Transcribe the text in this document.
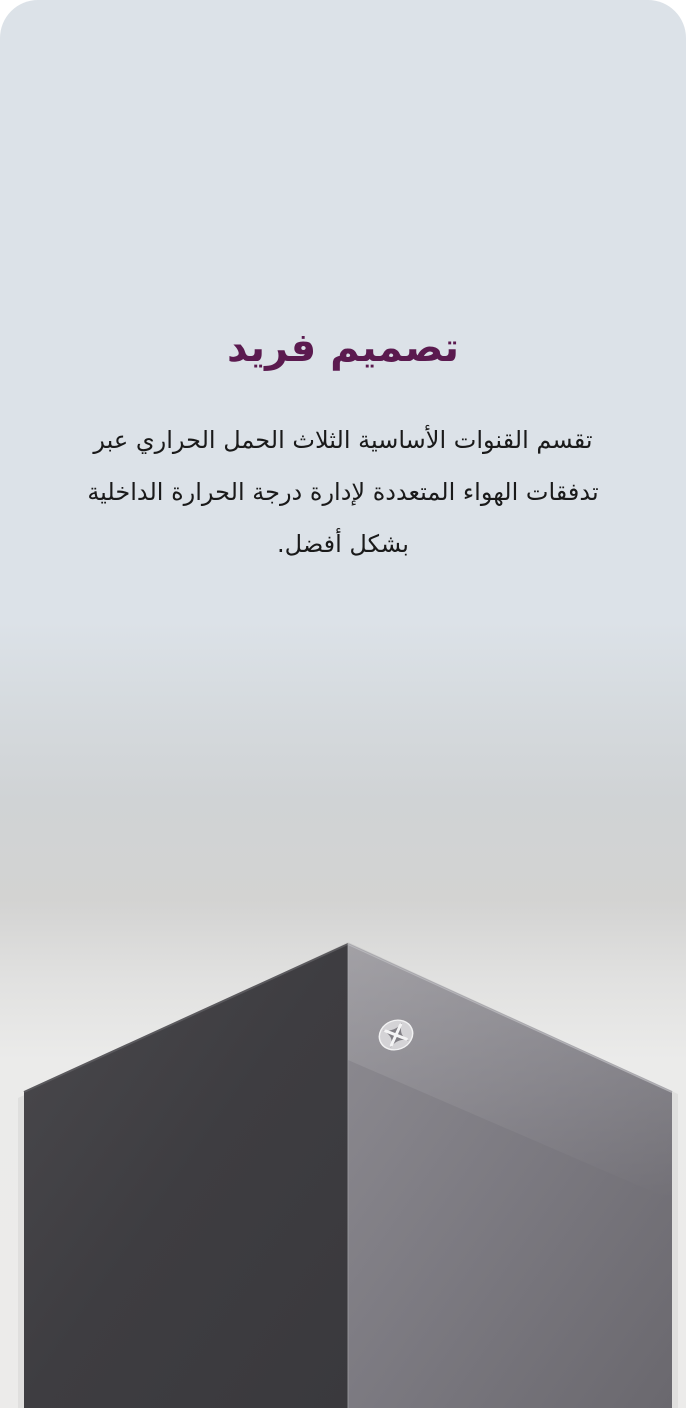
تصميم فريد

تقسم القنوات الأساسية الثلاث الحمل الحراري عبر تدفقات الهواء المتعددة لإدارة درجة الحرارة الداخلية بشكل أفضل.
